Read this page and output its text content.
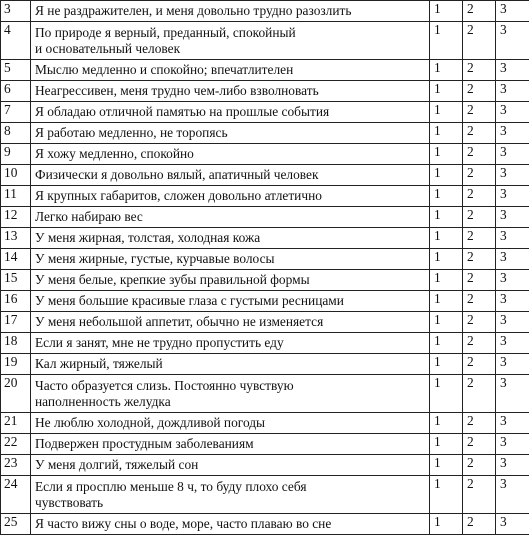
3	Я не раздражителен, и меня довольно трудно разозлить	1	2	3
4	По природе я верный, преданный, спокойный
и основательный человек	1	2	3
5	Мыслю медленно и спокойно; впечатлителен	1	2	3
6	Неагрессивен, меня трудно чем-либо взволновать	1	2	3
7	Я обладаю отличной памятью на прошлые события	1	2	3
8	Я работаю медленно, не торопясь	1	2	3
9	Я хожу медленно, спокойно	1	2	3
10	Физически я довольно вялый, апатичный человек	1	2	3
11	Я крупных габаритов, сложен довольно атлетично	1	2	3
12	Легко набираю вес	1	2	3
13	У меня жирная, толстая, холодная кожа	1	2	3
14	У меня жирные, густые, курчавые волосы	1	2	3
15	У меня белые, крепкие зубы правильной формы	1	2	3
16	У меня большие красивые глаза с густыми ресницами	1	2	3
17	У меня небольшой аппетит, обычно не изменяется	1	2	3
18	Если я занят, мне не трудно пропустить еду	1	2	3
19	Кал жирный, тяжелый	1	2	3
20	Часто образуется слизь. Постоянно чувствую
наполненность желудка	1	2	3
21	Не люблю холодной, дождливой погоды	1	2	3
22	Подвержен простудным заболеваниям	1	2	3
23	У меня долгий, тяжелый сон	1	2	3
24	Если я просплю меньше 8 ч, то буду плохо себя
чувствовать	1	2	3
25	Я часто вижу сны о воде, море, часто плаваю во сне	1	2	3
